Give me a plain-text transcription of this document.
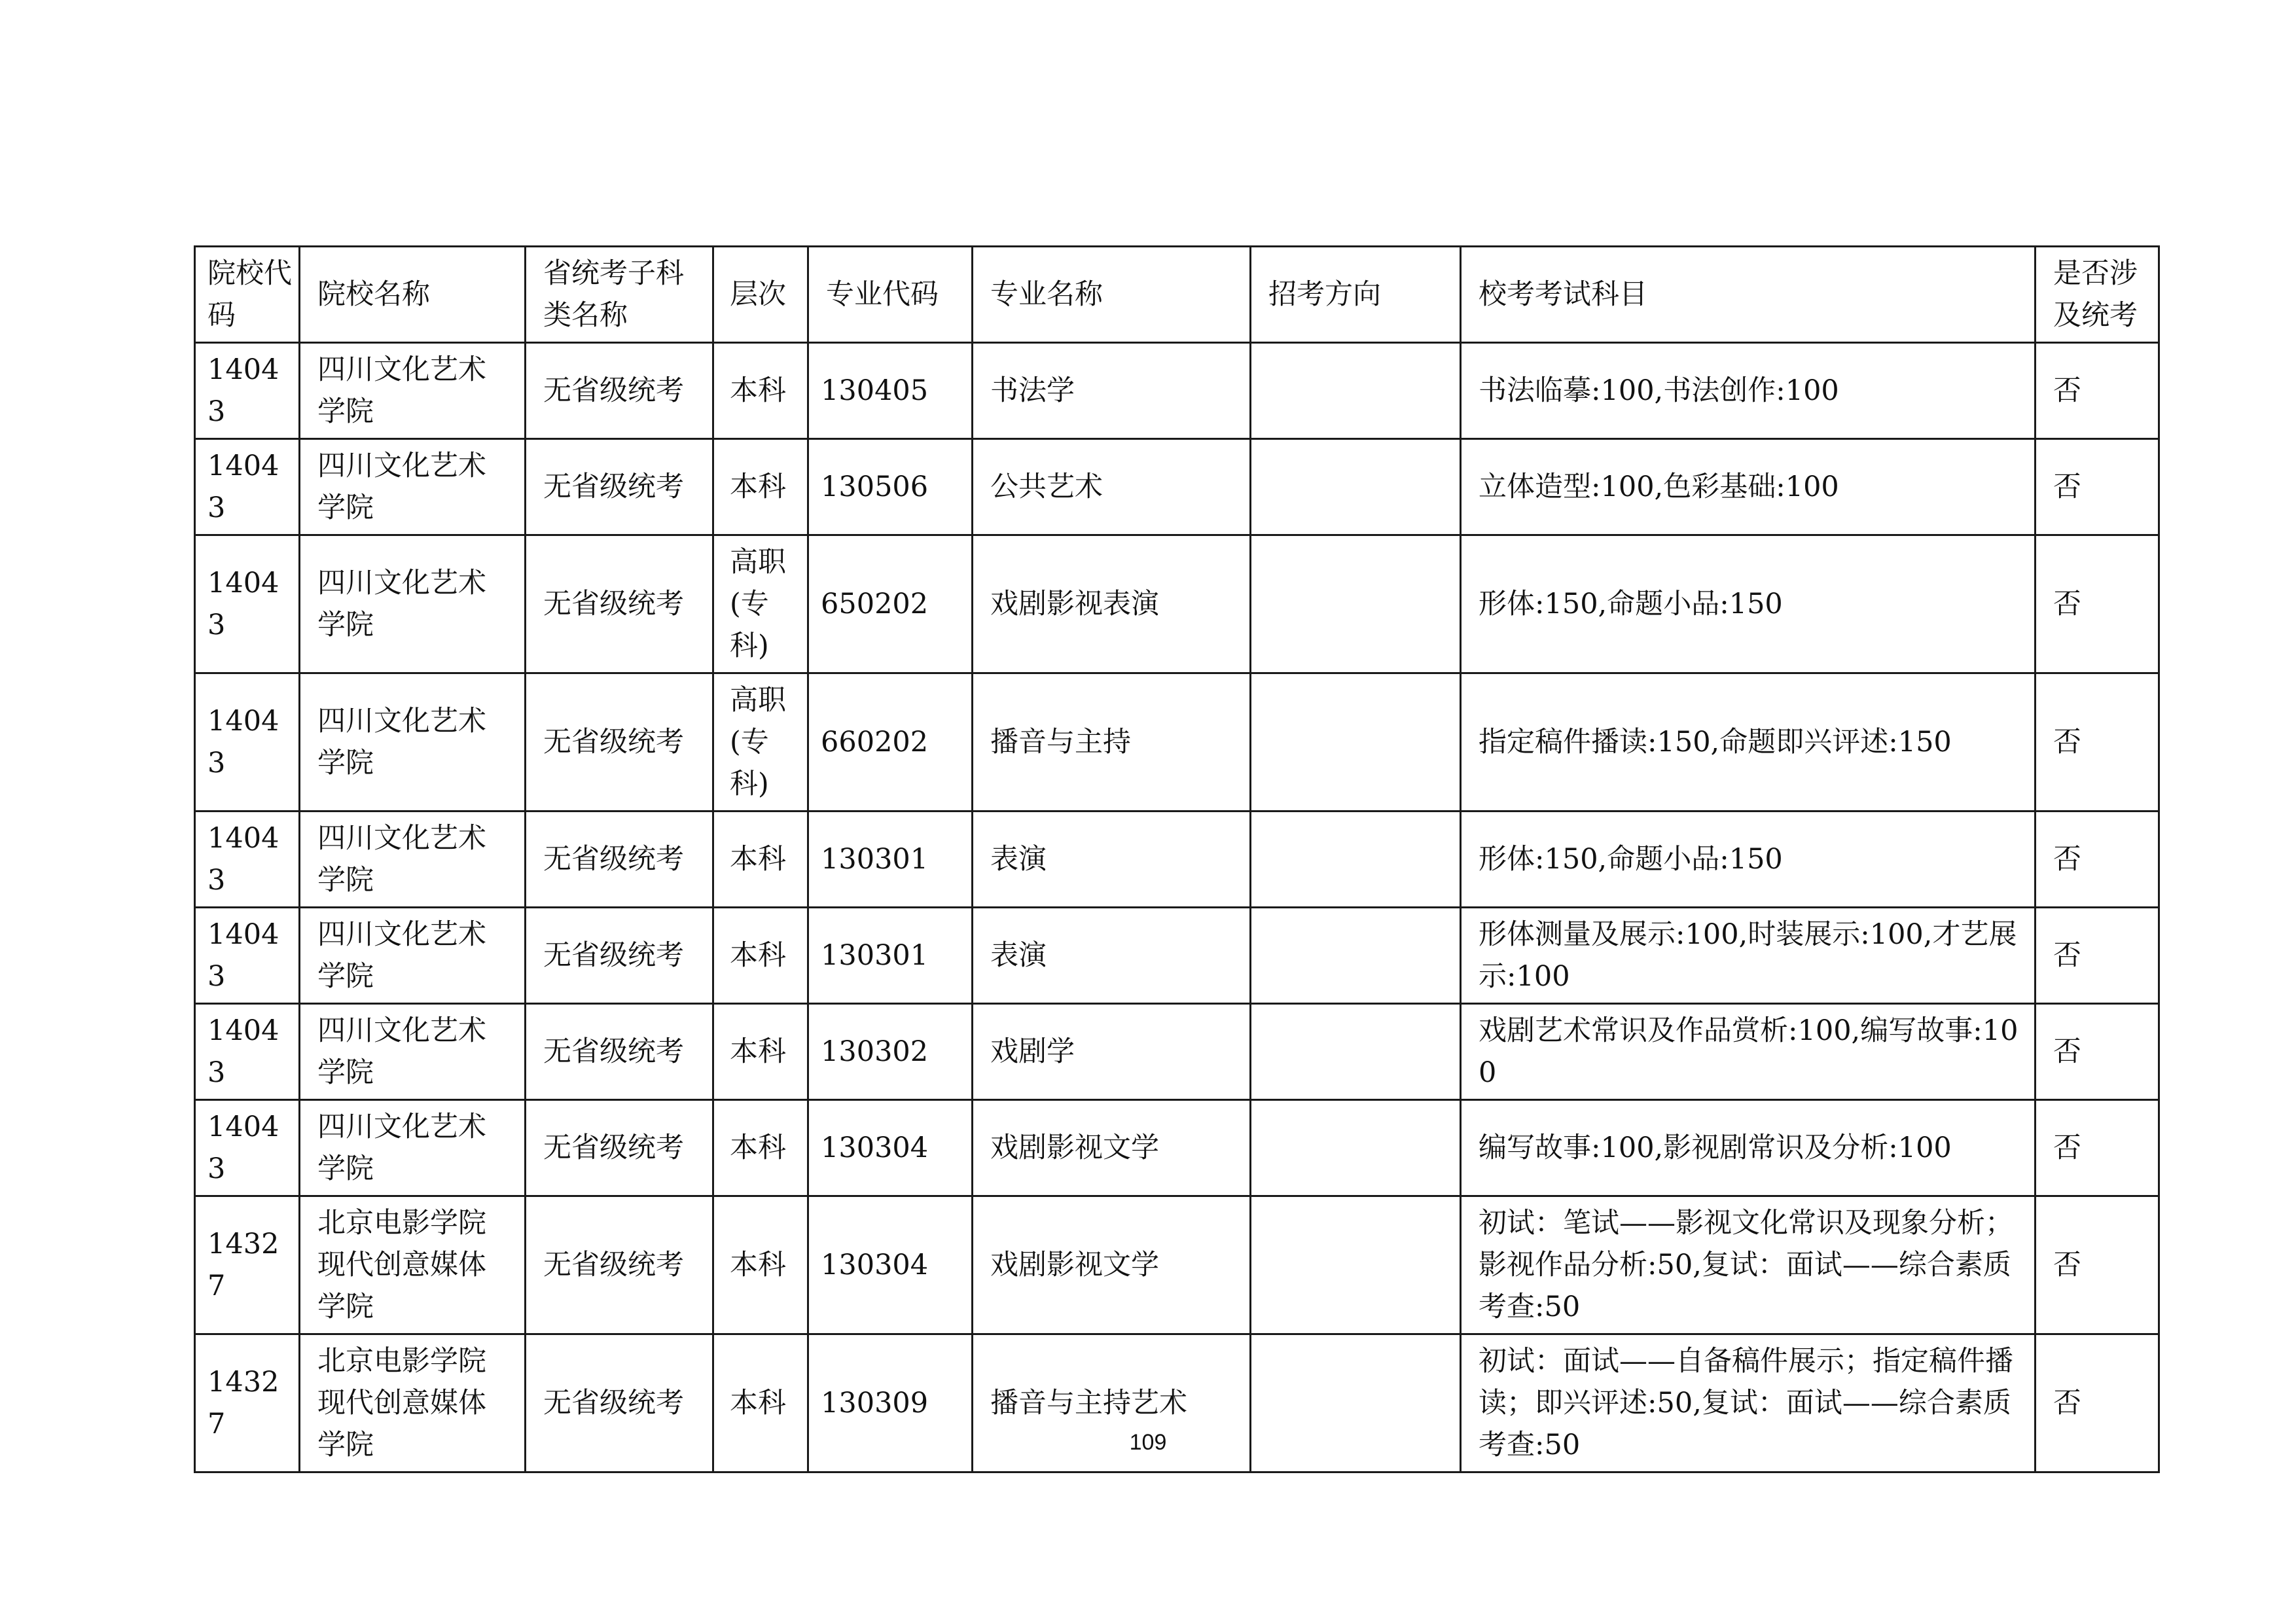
院校代码	院校名称	省统考子科类名称	层次	专业代码	专业名称	招考方向	校考考试科目	是否涉及统考
14043	四川文化艺术学院	无省级统考	本科	130405	书法学		书法临摹:100,书法创作:100	否
14043	四川文化艺术学院	无省级统考	本科	130506	公共艺术		立体造型:100,色彩基础:100	否
14043	四川文化艺术学院	无省级统考	高职(专科)	650202	戏剧影视表演		形体:150,命题小品:150	否
14043	四川文化艺术学院	无省级统考	高职(专科)	660202	播音与主持		指定稿件播读:150,命题即兴评述:150	否
14043	四川文化艺术学院	无省级统考	本科	130301	表演		形体:150,命题小品:150	否
14043	四川文化艺术学院	无省级统考	本科	130301	表演		形体测量及展示:100,时装展示:100,才艺展示:100	否
14043	四川文化艺术学院	无省级统考	本科	130302	戏剧学		戏剧艺术常识及作品赏析:100,编写故事:100	否
14043	四川文化艺术学院	无省级统考	本科	130304	戏剧影视文学		编写故事:100,影视剧常识及分析:100	否
14327	北京电影学院现代创意媒体学院	无省级统考	本科	130304	戏剧影视文学		初试：笔试——影视文化常识及现象分析；影视作品分析:50,复试：面试——综合素质考查:50	否
14327	北京电影学院现代创意媒体学院	无省级统考	本科	130309	播音与主持艺术		初试：面试——自备稿件展示；指定稿件播读；即兴评述:50,复试：面试——综合素质考查:50	否
109
